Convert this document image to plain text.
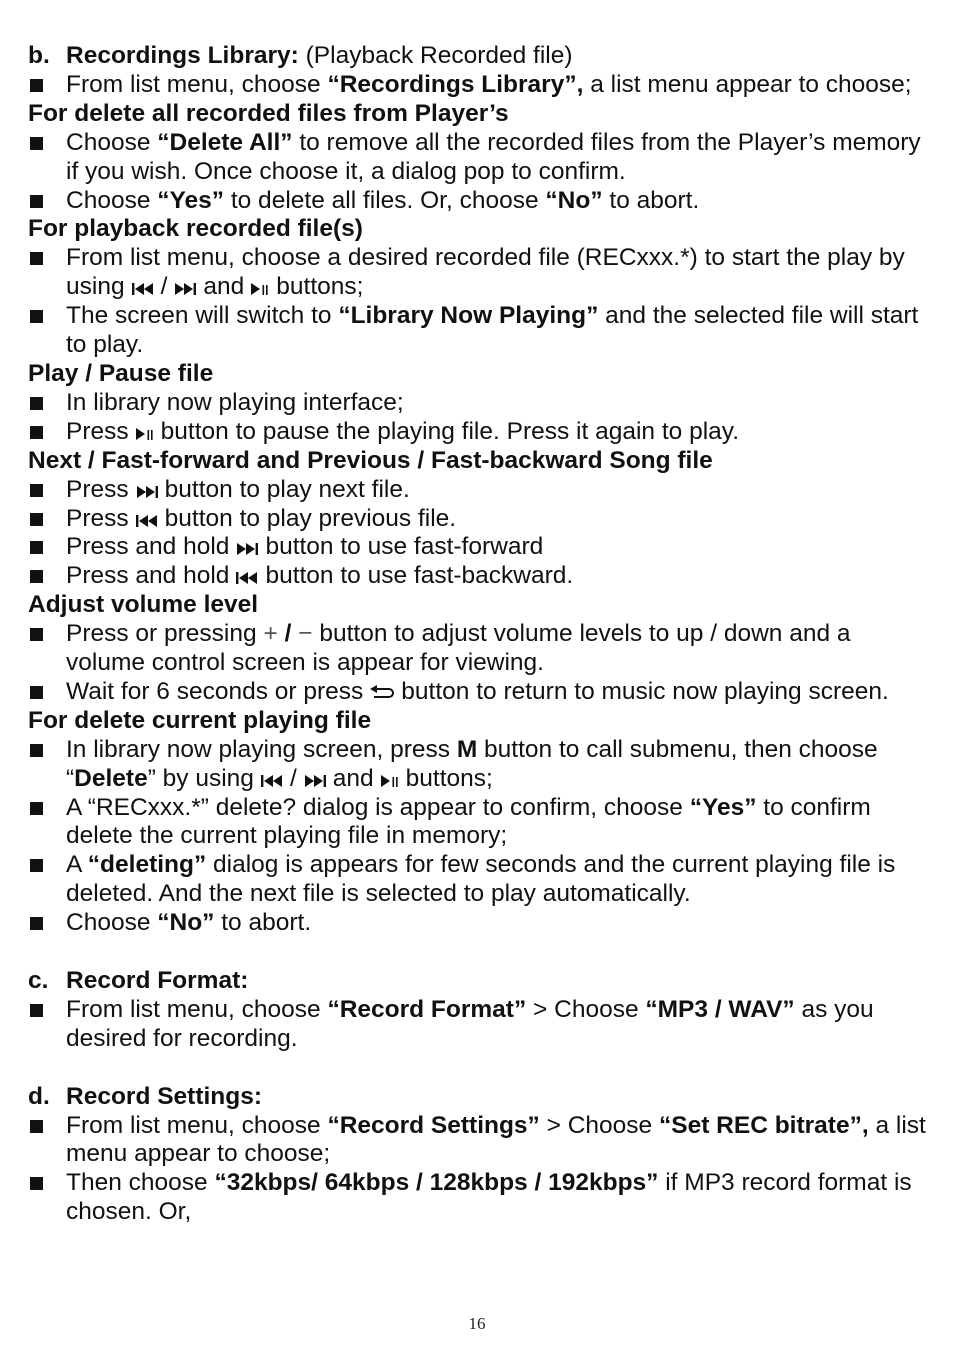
b. Recordings Library: (Playback Recorded file)
From list menu, choose “Recordings Library”, a list menu appear to choose;
For delete all recorded files from Player’s
Choose “Delete All” to remove all the recorded files from the Player’s memory if you wish. Once choose it, a dialog pop to confirm.
Choose “Yes” to delete all files. Or, choose “No” to abort.
For playback recorded file(s)
From list menu, choose a desired recorded file (RECxxx.*) to start the play by using / and buttons;
The screen will switch to “Library Now Playing” and the selected file will start to play.
Play / Pause file
In library now playing interface;
Press button to pause the playing file. Press it again to play.
Next / Fast-forward and Previous / Fast-backward Song file
Press button to play next file.
Press button to play previous file.
Press and hold button to use fast-forward
Press and hold button to use fast-backward.
Adjust volume level
Press or pressing + / − button to adjust volume levels to up / down and a volume control screen is appear for viewing.
Wait for 6 seconds or press button to return to music now playing screen.
For delete current playing file
In library now playing screen, press M button to call submenu, then choose “Delete” by using / and buttons;
A “RECxxx.*” delete? dialog is appear to confirm, choose “Yes” to confirm delete the current playing file in memory;
A “deleting” dialog is appears for few seconds and the current playing file is deleted. And the next file is selected to play automatically.
Choose “No” to abort.
c. Record Format:
From list menu, choose “Record Format” > Choose “MP3 / WAV” as you desired for recording.
d. Record Settings:
From list menu, choose “Record Settings” > Choose “Set REC bitrate”, a list menu appear to choose;
Then choose “32kbps/ 64kbps / 128kbps / 192kbps” if MP3 record format is chosen. Or,
16
